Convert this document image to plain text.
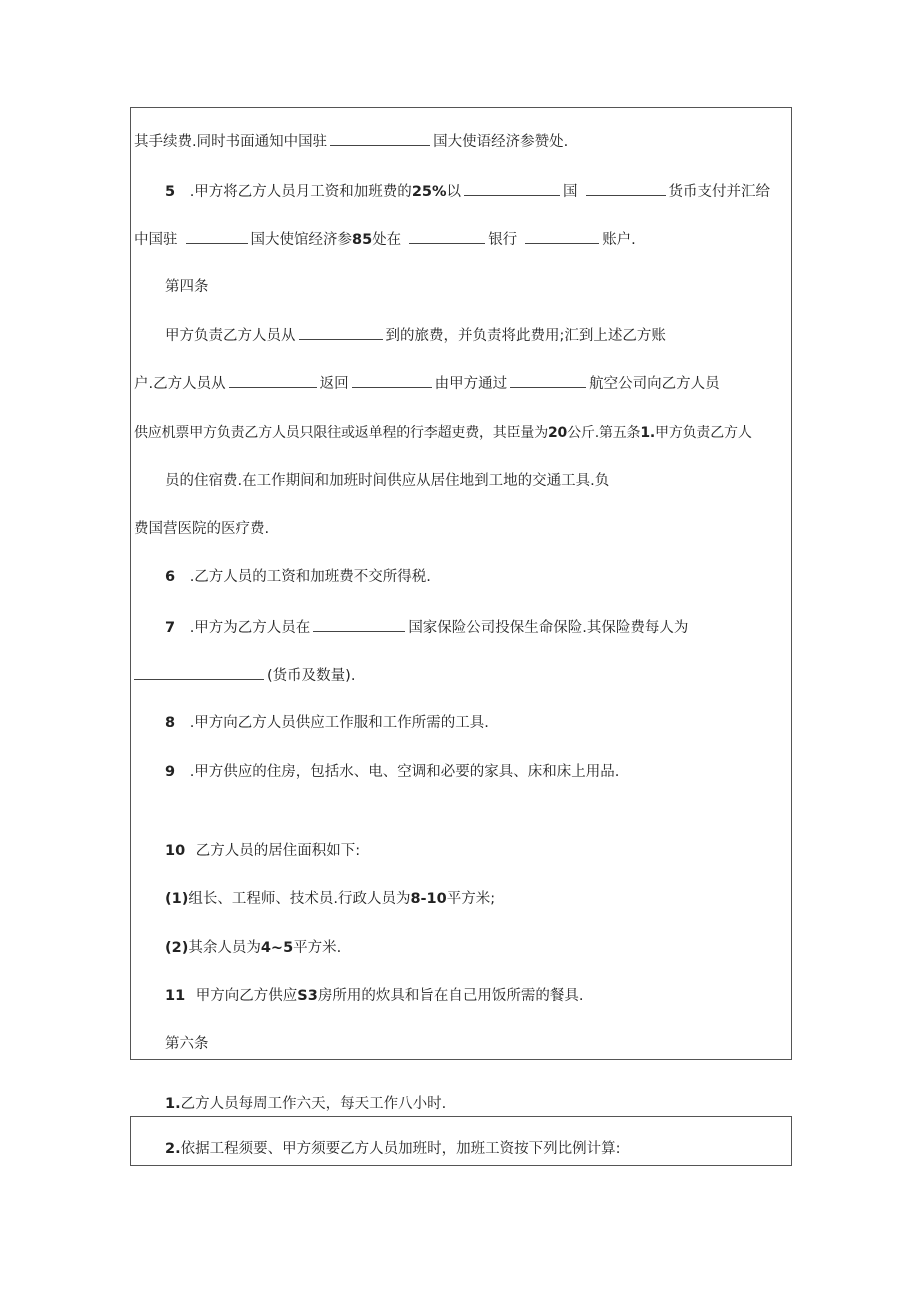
其手续费.同时书面通知中国驻	国大使语经济参赞处.
5 .甲方将乙方人员月工资和加班费的25%以	国	货币支付并汇给
中国驻	国大使馆经济参85处在	银行	账户.
第四条
甲方负责乙方人员从	到的旅费，并负责将此费用;汇到上述乙方账
户.乙方人员从	返回	由甲方通过	航空公司向乙方人员
供应机票甲方负责乙方人员只限往或返单程的行李超吏费，其臣量为20公斤.第五条1.甲方负责乙方人
员的住宿费.在工作期间和加班时间供应从居住地到工地的交通工具.负
费国营医院的医疗费.
6 .乙方人员的工资和加班费不交所得税.
7 .甲方为乙方人员在	国家保险公司投保生命保险.其保险费每人为
(货币及数量).
8 .甲方向乙方人员供应工作服和工作所需的工具.
9 .甲方供应的住房，包括水、电、空调和必要的家具、床和床上用品.
10 乙方人员的居住面积如下:
(1)组长、工程师、技术员.行政人员为8-10平方米;
(2)其余人员为4~5平方米.
11 甲方向乙方供应S3房所用的炊具和旨在自己用饭所需的餐具.
第六条
1.乙方人员每周工作六天，每天工作八小时.
2.依据工程须要、甲方须要乙方人员加班时，加班工资按下列比例计算:
